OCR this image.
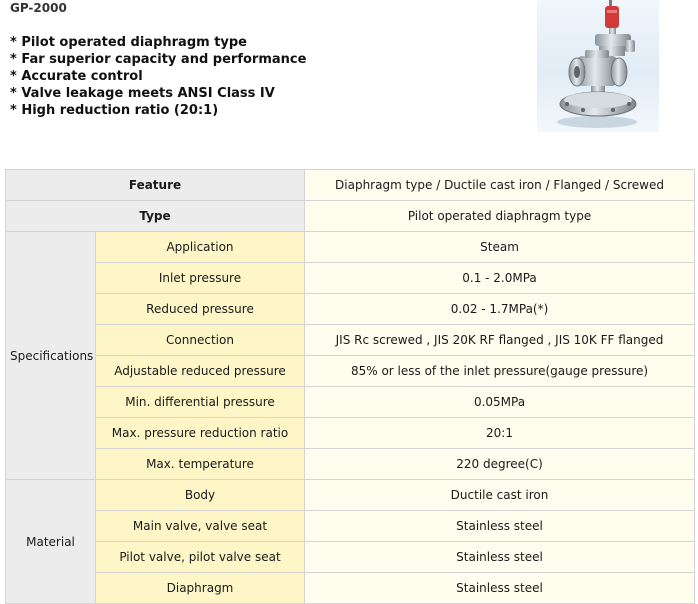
GP-2000
* Pilot operated diaphragm type
* Far superior capacity and performance
* Accurate control
* Valve leakage meets ANSI Class IV
* High reduction ratio (20:1)
Feature		Diaphragm type / Ductile cast iron / Flanged / Screwed
Type		Pilot operated diaphragm type
Specifications	Application	Steam
	Inlet pressure	0.1 - 2.0MPa
	Reduced pressure	0.02 - 1.7MPa(*)
	Connection	JIS Rc screwed , JIS 20K RF flanged , JIS 10K FF flanged
	Adjustable reduced pressure	85% or less of the inlet pressure(gauge pressure)
	Min. differential pressure	0.05MPa
	Max. pressure reduction ratio	20:1
	Max. temperature	220 degree(C)
Material	Body	Ductile cast iron
	Main valve, valve seat	Stainless steel
	Pilot valve, pilot valve seat	Stainless steel
	Diaphragm	Stainless steel
